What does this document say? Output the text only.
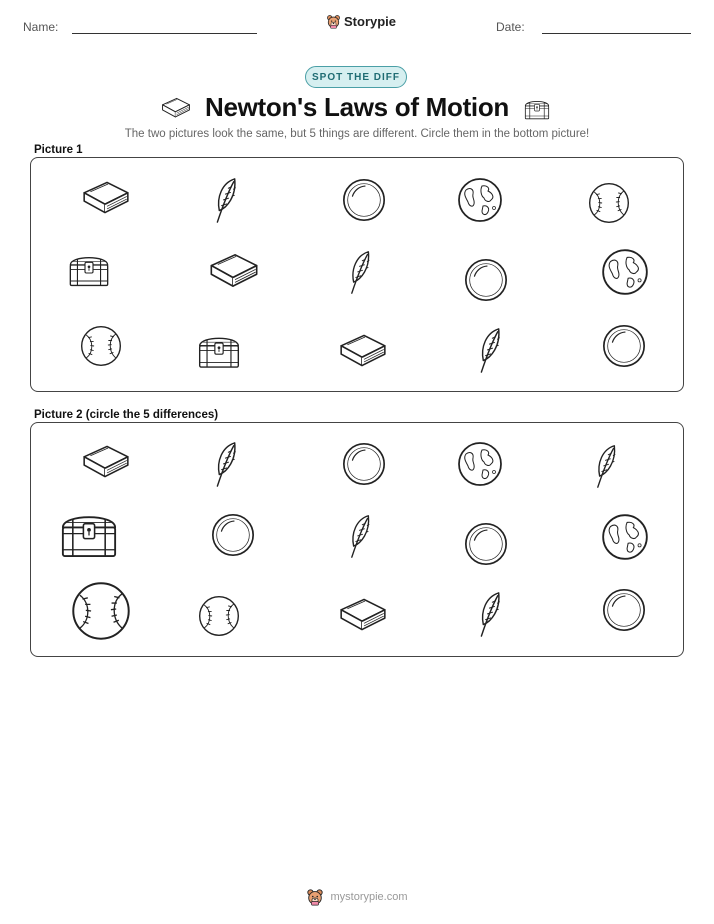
Name:	Storypie	Date:
SPOT THE DIFF
Newton's Laws of Motion
The two pictures look the same, but 5 things are different. Circle them in the bottom picture!
Picture 1
Picture 2 (circle the 5 differences)
mystorypie.com
